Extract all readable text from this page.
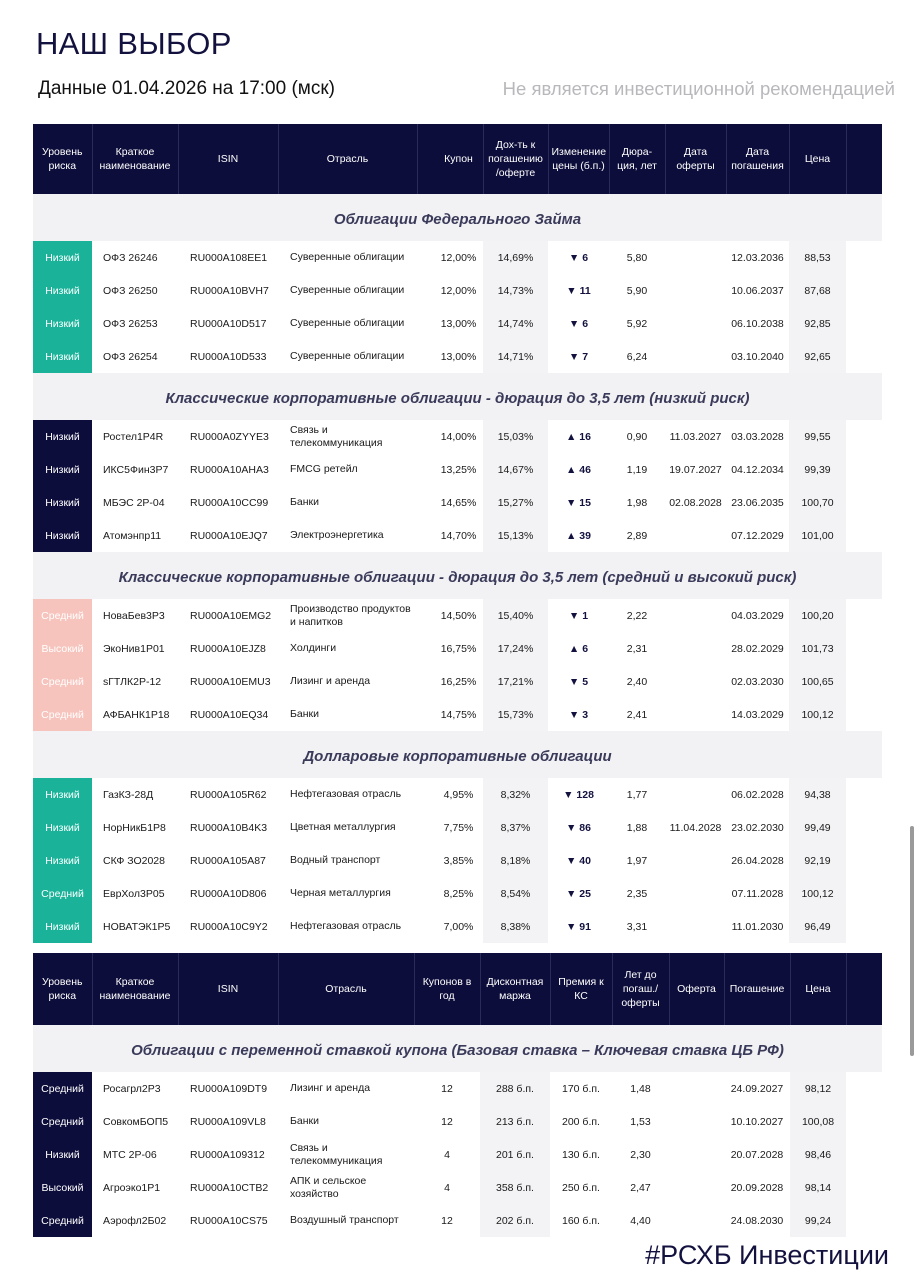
НАШ ВЫБОР
Данные 01.04.2026 на 17:00 (мск)	Не является инвестиционной рекомендацией
Уровень риска	Краткое наименование	ISIN	Отрасль	Купон	Дох-ть к погашению /оферте	Изменение цены (б.п.)	Дюра-ция, лет	Дата оферты	Дата погашения	Цена	
Облигации Федерального Займа											
Низкий	ОФЗ 26246	RU000A108EE1	Суверенные облигации	12,00%	14,69%	▼ 6	5,80		12.03.2036	88,53	
Низкий	ОФЗ 26250	RU000A10BVH7	Суверенные облигации	12,00%	14,73%	▼ 11	5,90		10.06.2037	87,68	
Низкий	ОФЗ 26253	RU000A10D517	Суверенные облигации	13,00%	14,74%	▼ 6	5,92		06.10.2038	92,85	
Низкий	ОФЗ 26254	RU000A10D533	Суверенные облигации	13,00%	14,71%	▼ 7	6,24		03.10.2040	92,65	
Классические корпоративные облигации - дюрация до 3,5 лет (низкий риск)											
Низкий	Ростел1P4R	RU000A0ZYYE3	Связь и телекоммуникация	14,00%	15,03%	▲ 16	0,90	11.03.2027	03.03.2028	99,55	
Низкий	ИКС5Фин3Р7	RU000A10AHA3	FMCG ретейл	13,25%	14,67%	▲ 46	1,19	19.07.2027	04.12.2034	99,39	
Низкий	МБЭС 2P-04	RU000A10CC99	Банки	14,65%	15,27%	▼ 15	1,98	02.08.2028	23.06.2035	100,70	
Низкий	Атомэнпр11	RU000A10EJQ7	Электроэнергетика	14,70%	15,13%	▲ 39	2,89		07.12.2029	101,00	
Классические корпоративные облигации - дюрация до 3,5 лет (средний и высокий риск)											
Средний	НоваБев3Р3	RU000A10EMG2	Производство продуктов и напитков	14,50%	15,40%	▼ 1	2,22		04.03.2029	100,20	
Высокий	ЭкоНив1Р01	RU000A10EJZ8	Холдинги	16,75%	17,24%	▲ 6	2,31		28.02.2029	101,73	
Средний	sГТЛК2Р-12	RU000A10EMU3	Лизинг и аренда	16,25%	17,21%	▼ 5	2,40		02.03.2030	100,65	
Средний	АФБАНК1Р18	RU000A10EQ34	Банки	14,75%	15,73%	▼ 3	2,41		14.03.2029	100,12	
Долларовые корпоративные облигации											
Низкий	ГазКЗ-28Д	RU000A105R62	Нефтегазовая отрасль	4,95%	8,32%	▼ 128	1,77		06.02.2028	94,38	
Низкий	НорНикБ1Р8	RU000A10B4K3	Цветная металлургия	7,75%	8,37%	▼ 86	1,88	11.04.2028	23.02.2030	99,49	
Низкий	СКФ ЗО2028	RU000A105A87	Водный транспорт	3,85%	8,18%	▼ 40	1,97		26.04.2028	92,19	
Средний	ЕврХол3Р05	RU000A10D806	Черная металлургия	8,25%	8,54%	▼ 25	2,35		07.11.2028	100,12	
Низкий	НОВАТЭК1Р5	RU000A10C9Y2	Нефтегазовая отрасль	7,00%	8,38%	▼ 91	3,31		11.01.2030	96,49	
Облигации с переменной ставкой купона (Базовая ставка – Ключевая ставка ЦБ РФ)											
Уровень риска	Краткое наименование	ISIN	Отрасль	Купонов в год	Дисконтная маржа	Премия к КС	Лет до погаш./ оферты	Оферта	Погашение	Цена	
Средний	Росагрл2Р3	RU000A109DT9	Лизинг и аренда	12	288 б.п.	170 б.п.	1,48		24.09.2027	98,12	
Средний	СовкомБОП5	RU000A109VL8	Банки	12	213 б.п.	200 б.п.	1,53		10.10.2027	100,08	
Низкий	МТС 2Р-06	RU000A109312	Связь и телекоммуникация	4	201 б.п.	130 б.п.	2,30		20.07.2028	98,46	
Высокий	Агроэко1Р1	RU000A10CTB2	АПК и сельское хозяйство	4	358 б.п.	250 б.п.	2,47		20.09.2028	98,14	
Средний	Аэрофл2Б02	RU000A10CS75	Воздушный транспорт	12	202 б.п.	160 б.п.	4,40		24.08.2030	99,24	
#РСХБ Инвестиции
